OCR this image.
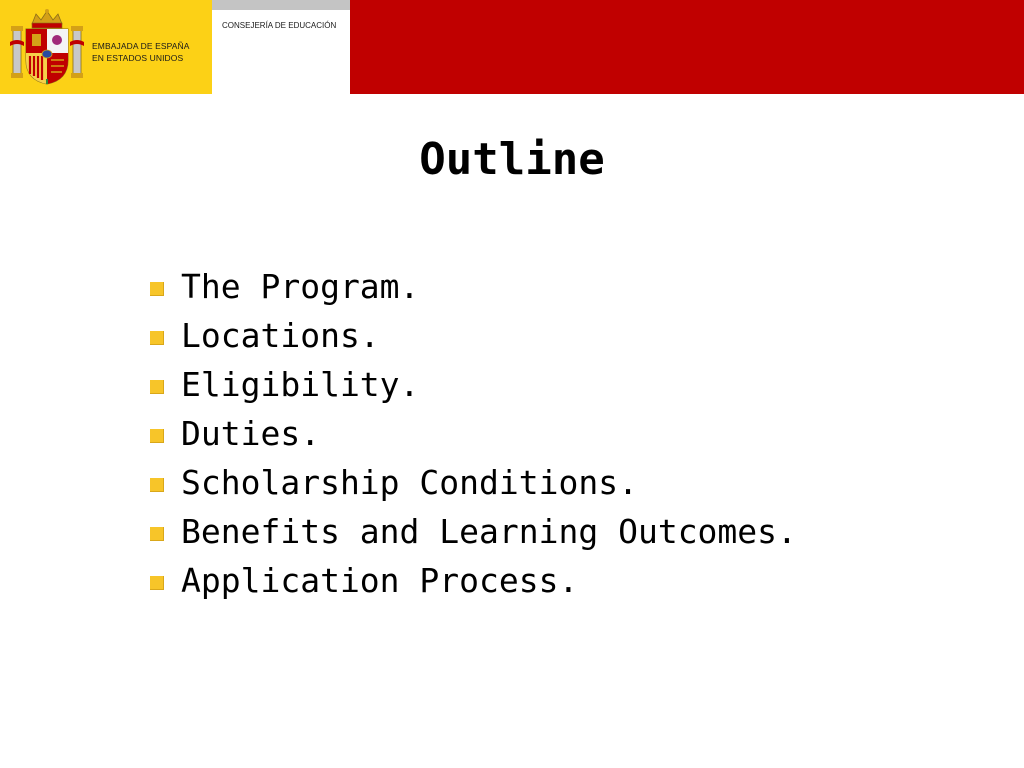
EMBAJADA DE ESPAÑA
EN ESTADOS UNIDOS
CONSEJERÍA DE EDUCACIÓN
Outline
The Program.
Locations.
Eligibility.
Duties.
Scholarship Conditions.
Benefits and Learning Outcomes.
Application Process.
